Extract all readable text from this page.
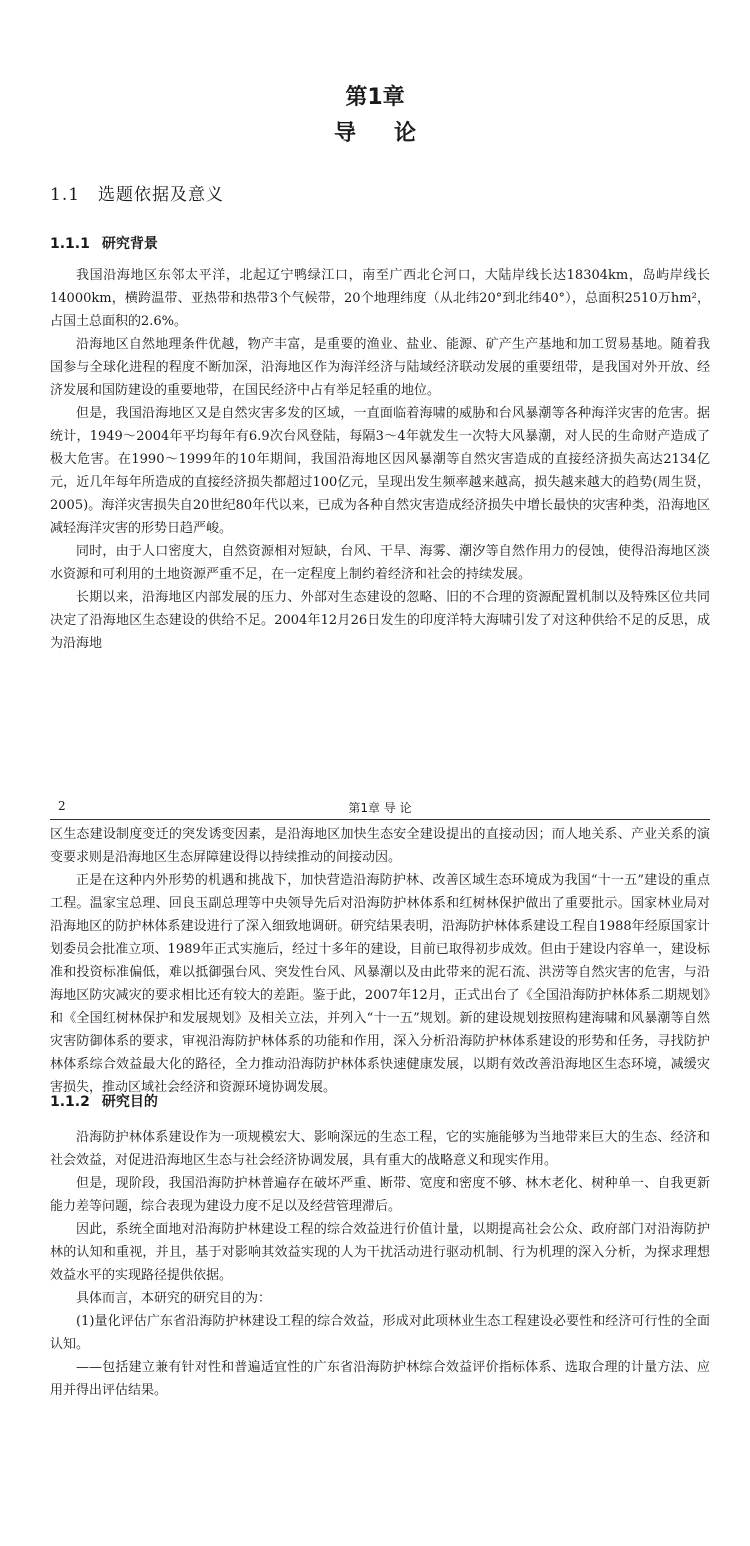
第1章
导论
1.1 选题依据及意义
1.1.1 研究背景

我国沿海地区东邻太平洋，北起辽宁鸭绿江口，南至广西北仑河口，大陆岸线长达18304km，岛屿岸线长14000km，横跨温带、亚热带和热带3个气候带，20个地理纬度（从北纬20°到北纬40°），总面积2510万hm²，占国土总面积的2.6%。

沿海地区自然地理条件优越，物产丰富，是重要的渔业、盐业、能源、矿产生产基地和加工贸易基地。随着我国参与全球化进程的程度不断加深，沿海地区作为海洋经济与陆域经济联动发展的重要纽带，是我国对外开放、经济发展和国防建设的重要地带，在国民经济中占有举足轻重的地位。

但是，我国沿海地区又是自然灾害多发的区域，一直面临着海啸的威胁和台风暴潮等各种海洋灾害的危害。据统计，1949～2004年平均每年有6.9次台风登陆，每隔3～4年就发生一次特大风暴潮，对人民的生命财产造成了极大危害。在1990～1999年的10年期间，我国沿海地区因风暴潮等自然灾害造成的直接经济损失高达2134亿元，近几年每年所造成的直接经济损失都超过100亿元，呈现出发生频率越来越高，损失越来越大的趋势(周生贤，2005)。海洋灾害损失自20世纪80年代以来，已成为各种自然灾害造成经济损失中增长最快的灾害种类，沿海地区减轻海洋灾害的形势日趋严峻。

同时，由于人口密度大，自然资源相对短缺，台风、干旱、海雾、潮汐等自然作用力的侵蚀，使得沿海地区淡水资源和可利用的土地资源严重不足，在一定程度上制约着经济和社会的持续发展。

长期以来，沿海地区内部发展的压力、外部对生态建设的忽略、旧的不合理的资源配置机制以及特殊区位共同决定了沿海地区生态建设的供给不足。2004年12月26日发生的印度洋特大海啸引发了对这种供给不足的反思，成为沿海地

2	第1章 导 论

区生态建设制度变迁的突发诱变因素，是沿海地区加快生态安全建设提出的直接动因；而人地关系、产业关系的演变要求则是沿海地区生态屏障建设得以持续推动的间接动因。

正是在这种内外形势的机遇和挑战下，加快营造沿海防护林、改善区域生态环境成为我国“十一五”建设的重点工程。温家宝总理、回良玉副总理等中央领导先后对沿海防护林体系和红树林保护做出了重要批示。国家林业局对沿海地区的防护林体系建设进行了深入细致地调研。研究结果表明，沿海防护林体系建设工程自1988年经原国家计划委员会批准立项、1989年正式实施后，经过十多年的建设，目前已取得初步成效。但由于建设内容单一，建设标准和投资标准偏低，难以抵御强台风、突发性台风、风暴潮以及由此带来的泥石流、洪涝等自然灾害的危害，与沿海地区防灾减灾的要求相比还有较大的差距。鉴于此，2007年12月，正式出台了《全国沿海防护林体系二期规划》和《全国红树林保护和发展规划》及相关立法，并列入“十一五”规划。新的建设规划按照构建海啸和风暴潮等自然灾害防御体系的要求，审视沿海防护林体系的功能和作用，深入分析沿海防护林体系建设的形势和任务，寻找防护林体系综合效益最大化的路径，全力推动沿海防护林体系快速健康发展，以期有效改善沿海地区生态环境，减缓灾害损失，推动区域社会经济和资源环境协调发展。

1.1.2 研究目的

沿海防护林体系建设作为一项规模宏大、影响深远的生态工程，它的实施能够为当地带来巨大的生态、经济和社会效益，对促进沿海地区生态与社会经济协调发展，具有重大的战略意义和现实作用。

但是，现阶段，我国沿海防护林普遍存在破坏严重、断带、宽度和密度不够、林木老化、树种单一、自我更新能力差等问题，综合表现为建设力度不足以及经营管理滞后。

因此，系统全面地对沿海防护林建设工程的综合效益进行价值计量，以期提高社会公众、政府部门对沿海防护林的认知和重视，并且，基于对影响其效益实现的人为干扰活动进行驱动机制、行为机理的深入分析，为探求理想效益水平的实现路径提供依据。

具体而言，本研究的研究目的为：

(1)量化评估广东省沿海防护林建设工程的综合效益，形成对此项林业生态工程建设必要性和经济可行性的全面认知。

——包括建立兼有针对性和普遍适宜性的广东省沿海防护林综合效益评价指标体系、选取合理的计量方法、应用并得出评估结果。
